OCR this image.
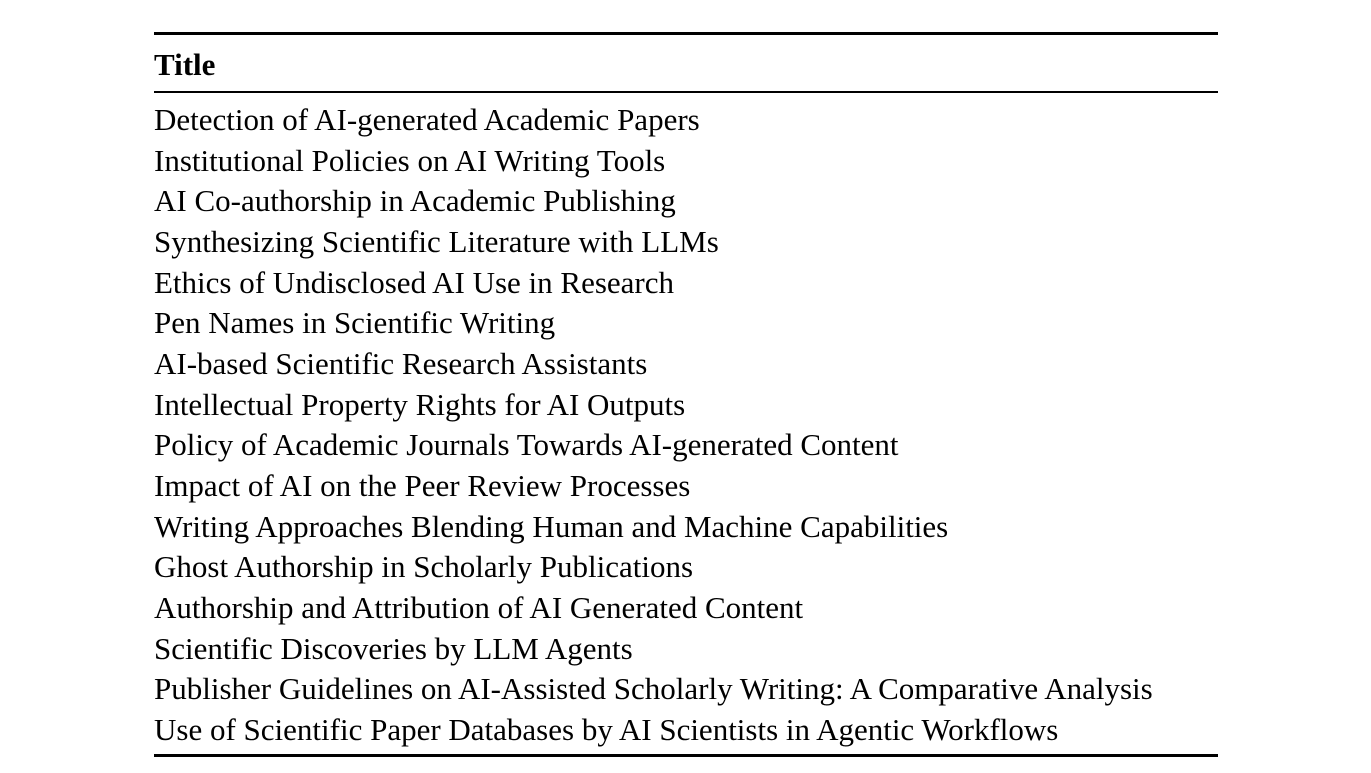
Title
Detection of AI-generated Academic Papers
Institutional Policies on AI Writing Tools
AI Co-authorship in Academic Publishing
Synthesizing Scientific Literature with LLMs
Ethics of Undisclosed AI Use in Research
Pen Names in Scientific Writing
AI-based Scientific Research Assistants
Intellectual Property Rights for AI Outputs
Policy of Academic Journals Towards AI-generated Content
Impact of AI on the Peer Review Processes
Writing Approaches Blending Human and Machine Capabilities
Ghost Authorship in Scholarly Publications
Authorship and Attribution of AI Generated Content
Scientific Discoveries by LLM Agents
Publisher Guidelines on AI-Assisted Scholarly Writing: A Comparative Analysis
Use of Scientific Paper Databases by AI Scientists in Agentic Workflows
